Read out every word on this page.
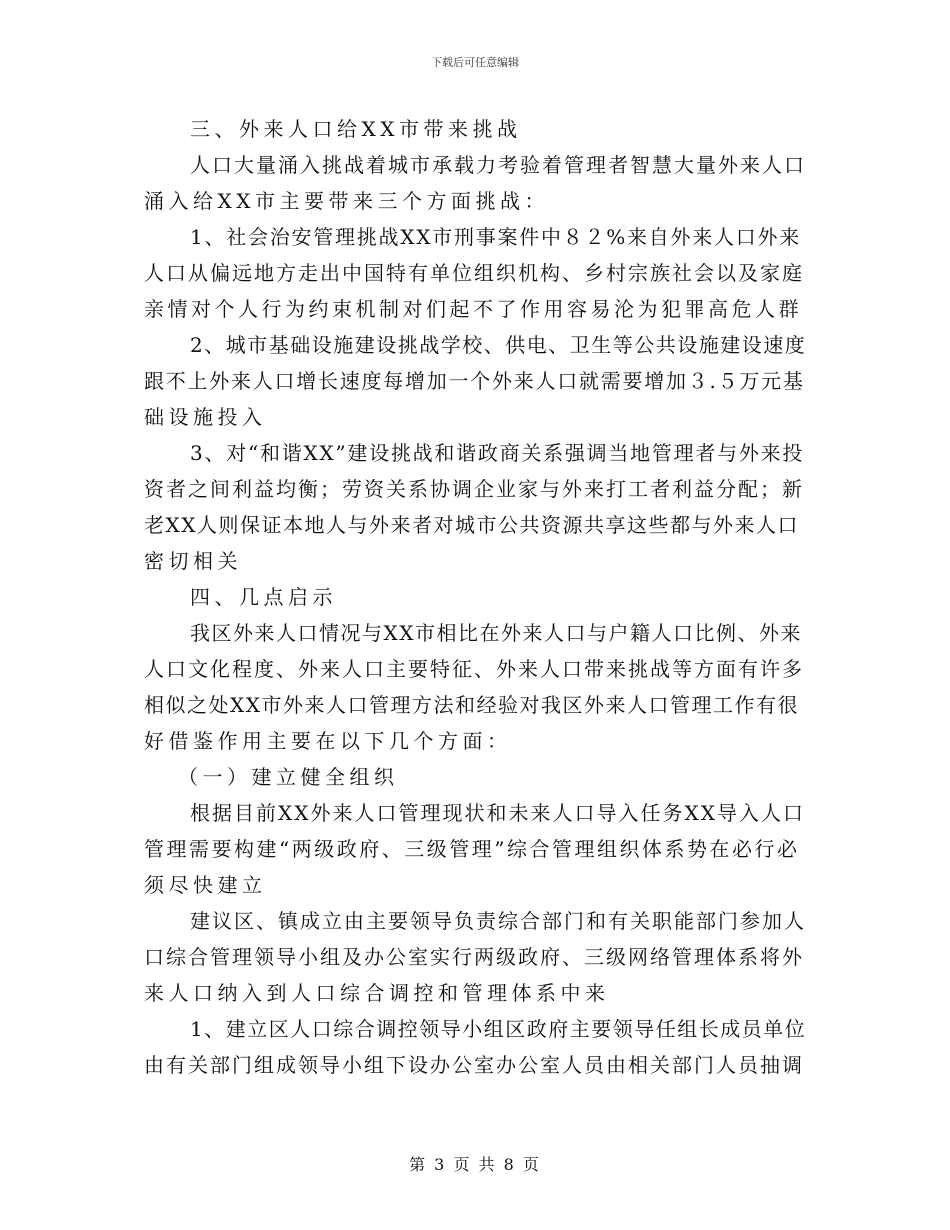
下载后可任意编辑
三、外来人口给XX市带来挑战
人口大量涌入挑战着城市承载力考验着管理者智慧大量外来人口
涌入给XX市主要带来三个方面挑战：
1、社会治安管理挑战XX市刑事案件中８２%来自外来人口外来
人口从偏远地方走出中国特有单位组织机构、乡村宗族社会以及家庭
亲情对个人行为约束机制对们起不了作用容易沦为犯罪高危人群
2、城市基础设施建设挑战学校、供电、卫生等公共设施建设速度
跟不上外来人口增长速度每增加一个外来人口就需要增加３.５万元基
础设施投入
3、对“和谐XX”建设挑战和谐政商关系强调当地管理者与外来投
资者之间利益均衡；劳资关系协调企业家与外来打工者利益分配；新
老XX人则保证本地人与外来者对城市公共资源共享这些都与外来人口
密切相关
四、几点启示
我区外来人口情况与XX市相比在外来人口与户籍人口比例、外来
人口文化程度、外来人口主要特征、外来人口带来挑战等方面有许多
相似之处XX市外来人口管理方法和经验对我区外来人口管理工作有很
好借鉴作用主要在以下几个方面：
（一）建立健全组织
根据目前XX外来人口管理现状和未来人口导入任务XX导入人口
管理需要构建“两级政府、三级管理”综合管理组织体系势在必行必
须尽快建立
建议区、镇成立由主要领导负责综合部门和有关职能部门参加人
口综合管理领导小组及办公室实行两级政府、三级网络管理体系将外
来人口纳入到人口综合调控和管理体系中来
1、建立区人口综合调控领导小组区政府主要领导任组长成员单位
由有关部门组成领导小组下设办公室办公室人员由相关部门人员抽调
第 3 页 共 8 页
